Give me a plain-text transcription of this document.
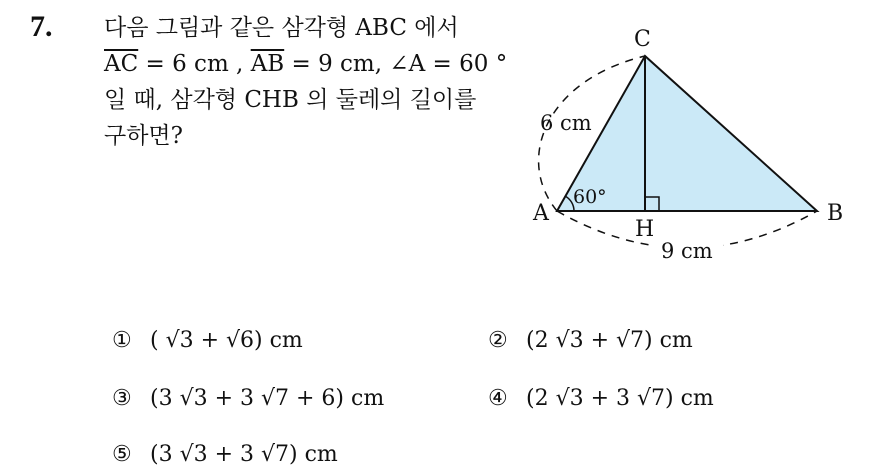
7. 다음 그림과 같은 삼각형 ABC 에서
$\overline{AC} = 6$ cm , $\overline{AB} = 9$ cm, ∠A = 60 °
일 때, 삼각형 CHB 의 둘레의 길이를
구하면?
A	B
C
H
6 cm
9 cm
60°
① ( √3 + √6) cm	② (2 √3 + √7) cm
③ (3 √3 + 3 √7 + 6) cm	④ (2 √3 + 3 √7) cm
⑤ (3 √3 + 3 √7) cm
